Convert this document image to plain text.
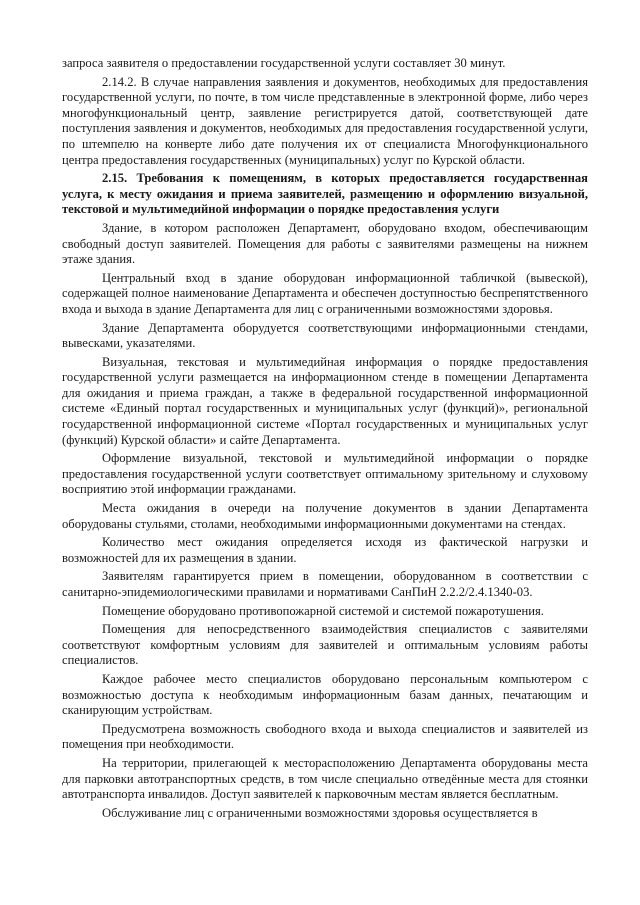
запроса заявителя о предоставлении государственной услуги составляет 30 минут.

2.14.2. В случае направления заявления и документов, необходимых для предоставления государственной услуги, по почте, в том числе представленные в электронной форме, либо через многофункциональный центр, заявление регистрируется датой, соответствующей дате поступления заявления и документов, необходимых для предоставления государственной услуги, по штемпелю на конверте либо дате получения их от специалиста Многофункционального центра предоставления государственных (муниципальных) услуг по Курской области.

2.15. Требования к помещениям, в которых предоставляется государственная услуга, к месту ожидания и приема заявителей, размещению и оформлению визуальной, текстовой и мультимедийной информации о порядке предоставления услуги

Здание, в котором расположен Департамент, оборудовано входом, обеспечивающим свободный доступ заявителей. Помещения для работы с заявителями размещены на нижнем этаже здания.

Центральный вход в здание оборудован информационной табличкой (вывеской), содержащей полное наименование Департамента и обеспечен доступностью беспрепятственного входа и выхода в здание Департамента для лиц с ограниченными возможностями здоровья.

Здание Департамента оборудуется соответствующими информационными стендами, вывесками, указателями.

Визуальная, текстовая и мультимедийная информация о порядке предоставления государственной услуги размещается на информационном стенде в помещении Департамента для ожидания и приема граждан, а также в федеральной государственной информационной системе «Единый портал государственных и муниципальных услуг (функций)», региональной государственной информационной системе «Портал государственных и муниципальных услуг (функций) Курской области» и сайте Департамента.

Оформление визуальной, текстовой и мультимедийной информации о порядке предоставления государственной услуги соответствует оптимальному зрительному и слуховому восприятию этой информации гражданами.

Места ожидания в очереди на получение документов в здании Департамента оборудованы стульями, столами, необходимыми информационными документами на стендах.

Количество мест ожидания определяется исходя из фактической нагрузки и возможностей для их размещения в здании.

Заявителям гарантируется прием в помещении, оборудованном в соответствии с санитарно-эпидемиологическими правилами и нормативами СанПиН 2.2.2/2.4.1340-03.

Помещение оборудовано противопожарной системой и системой пожаротушения.

Помещения для непосредственного взаимодействия специалистов с заявителями соответствуют комфортным условиям для заявителей и оптимальным условиям работы специалистов.

Каждое рабочее место специалистов оборудовано персональным компьютером с возможностью доступа к необходимым информационным базам данных, печатающим и сканирующим устройствам.

Предусмотрена возможность свободного входа и выхода специалистов и заявителей из помещения при необходимости.

На территории, прилегающей к месторасположению Департамента оборудованы места для парковки автотранспортных средств, в том числе специально отведённые места для стоянки автотранспорта инвалидов. Доступ заявителей к парковочным местам является бесплатным.

Обслуживание лиц с ограниченными возможностями здоровья осуществляется в
